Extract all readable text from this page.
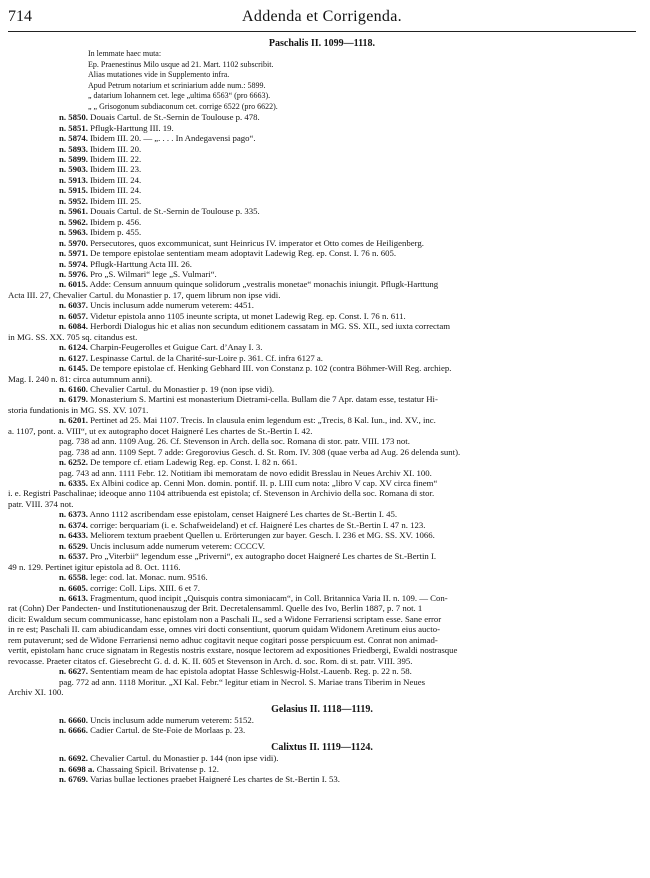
714	Addenda et Corrigenda.

Paschalis II. 1099—1118.

In lemmate haec muta:

Ep. Praenestinus Milo usque ad 21. Mart. 1102 subscribit.

Alias mutationes vide in Supplemento infra.

Apud Petrum notarium et scriniarium adde num.: 5899.

„ datarium Iohannem cet. lege „ultima 6563“ (pro 6663).

„ „ Grisogonum subdiaconum cet. corrige 6522 (pro 6622).

n. 5850. Douais Cartul. de St.-Sernin de Toulouse p. 478.

n. 5851. Pflugk-Harttung III. 19.

n. 5874. Ibidem III. 20. — „. . . . In Andegavensi pago“.

n. 5893. Ibidem III. 20.

n. 5899. Ibidem III. 22.

n. 5903. Ibidem III. 23.

n. 5913. Ibidem III. 24.

n. 5915. Ibidem III. 24.

n. 5952. Ibidem III. 25.

n. 5961. Douais Cartul. de St.-Sernin de Toulouse p. 335.

n. 5962. Ibidem p. 456.

n. 5963. Ibidem p. 455.

n. 5970. Persecutores, quos excommunicat, sunt Heinricus IV. imperator et Otto comes de Heiligenberg.

n. 5971. De tempore epistolae sententiam meam adoptavit Ladewig Reg. ep. Const. I. 76 n. 605.

n. 5974. Pflugk-Harttung Acta III. 26.

n. 5976. Pro „S. Wilmari“ lege „S. Vulmari“.

n. 6015. Adde: Censum annuum quinque solidorum „vestralis monetae“ monachis iniungit. Pflugk-Harttung

Acta III. 27, Chevalier Cartul. du Monastier p. 17, quem librum non ipse vidi.

n. 6037. Uncis inclusum adde numerum veterem: 4451.

n. 6057. Videtur epistola anno 1105 ineunte scripta, ut monet Ladewig Reg. ep. Const. I. 76 n. 611.

n. 6084. Herbordi Dialogus hic et alias non secundum editionem cassatam in MG. SS. XII., sed iuxta correctam

in MG. SS. XX. 705 sq. citandus est.

n. 6124. Charpin-Feugerolles et Guigue Cart. d’Anay I. 3.

n. 6127. Lespinasse Cartul. de la Charité-sur-Loire p. 361. Cf. infra 6127 a.

n. 6145. De tempore epistolae cf. Henking Gebhard III. von Constanz p. 102 (contra Böhmer-Will Reg. archiep.

Mag. I. 240 n. 81: circa autumnum anni).

n. 6160. Chevalier Cartul. du Monastier p. 19 (non ipse vidi).

n. 6179. Monasterium S. Martini est monasterium Dietrami-cella. Bullam die 7 Apr. datam esse, testatur Hi-

storia fundationis in MG. SS. XV. 1071.

n. 6201. Pertinet ad 25. Mai 1107. Trecis. In clausula enim legendum est: „Trecis, 8 Kal. Iun., ind. XV., inc.

a. 1107, pont. a. VIII“, ut ex autographo docet Haigneré Les chartes de St.-Bertin I. 42.

pag. 738 ad ann. 1109 Aug. 26. Cf. Stevenson in Arch. della soc. Romana di stor. patr. VIII. 173 not.

pag. 738 ad ann. 1109 Sept. 7 adde: Gregorovius Gesch. d. St. Rom. IV. 308 (quae verba ad Aug. 26 delenda sunt).

n. 6252. De tempore cf. etiam Ladewig Reg. ep. Const. I. 82 n. 661.

pag. 743 ad ann. 1111 Febr. 12. Notitiam ibi memoratam de novo edidit Bresslau in Neues Archiv XI. 100.

n. 6335. Ex Albini codice ap. Cenni Mon. domin. pontif. II. p. LIII cum nota: „libro V cap. XV circa finem“

i. e. Registri Paschalinae; ideoque anno 1104 attribuenda est epistola; cf. Stevenson in Archivio della soc. Romana di stor.

patr. VIII. 374 not.

n. 6373. Anno 1112 ascribendam esse epistolam, censet Haigneré Les chartes de St.-Bertin I. 45.

n. 6374. corrige: berquariam (i. e. Schafweideland) et cf. Haigneré Les chartes de St.-Bertin I. 47 n. 123.

n. 6433. Meliorem textum praebent Quellen u. Erörterungen zur bayer. Gesch. I. 236 et MG. SS. XV. 1066.

n. 6529. Uncis inclusum adde numerum veterem: CCCCV.

n. 6537. Pro „Viterbii“ legendum esse „Priverni“, ex autographo docet Haigneré Les chartes de St.-Bertin I.

49 n. 129. Pertinet igitur epistola ad 8. Oct. 1116.

n. 6558. lege: cod. lat. Monac. num. 9516.

n. 6605. corrige: Coll. Lips. XIII. 6 et 7.

n. 6613. Fragmentum, quod incipit „Quisquis contra simoniacam“, in Coll. Britannica Varia II. n. 109. — Con-

rat (Cohn) Der Pandecten- und Institutionenauszug der Brit. Decretalensamml. Quelle des Ivo, Berlin 1887, p. 7 not. 1

dicit: Ewaldum secum communicasse, hanc epistolam non a Paschali II., sed a Widone Ferrariensi scriptam esse. Sane error

in re est; Paschali II. cam abiudicandam esse, omnes viri docti consentiunt, quorum quidam Widonem Aretinum eius aucto-

rem putaverunt; sed de Widone Ferrariensi nemo adhuc cogitavit neque cogitari posse perspicuum est. Conrat non animad-

vertit, epistolam hanc cruce signatam in Regestis nostris exstare, nosque lectorem ad expositiones Friedbergi, Ewaldi nostrasque

revocasse. Praeter citatos cf. Giesebrecht G. d. d. K. II. 605 et Stevenson in Arch. d. soc. Rom. di st. patr. VIII. 395.

n. 6627. Sententiam meam de hac epistola adoptat Hasse Schleswig-Holst.-Lauenb. Reg. p. 22 n. 58.

pag. 772 ad ann. 1118 Moritur. „XI Kal. Febr.“ legitur etiam in Necrol. S. Mariae trans Tiberim in Neues

Archiv XI. 100.

Gelasius II. 1118—1119.

n. 6660. Uncis inclusum adde numerum veterem: 5152.

n. 6666. Cadier Cartul. de Ste-Foie de Morlaas p. 23.

Calixtus II. 1119—1124.

n. 6692. Chevalier Cartul. du Monastier p. 144 (non ipse vidi).

n. 6698 a. Chassaing Spicil. Brivatense p. 12.

n. 6769. Varias bullae lectiones praebet Haigneré Les chartes de St.-Bertin I. 53.
